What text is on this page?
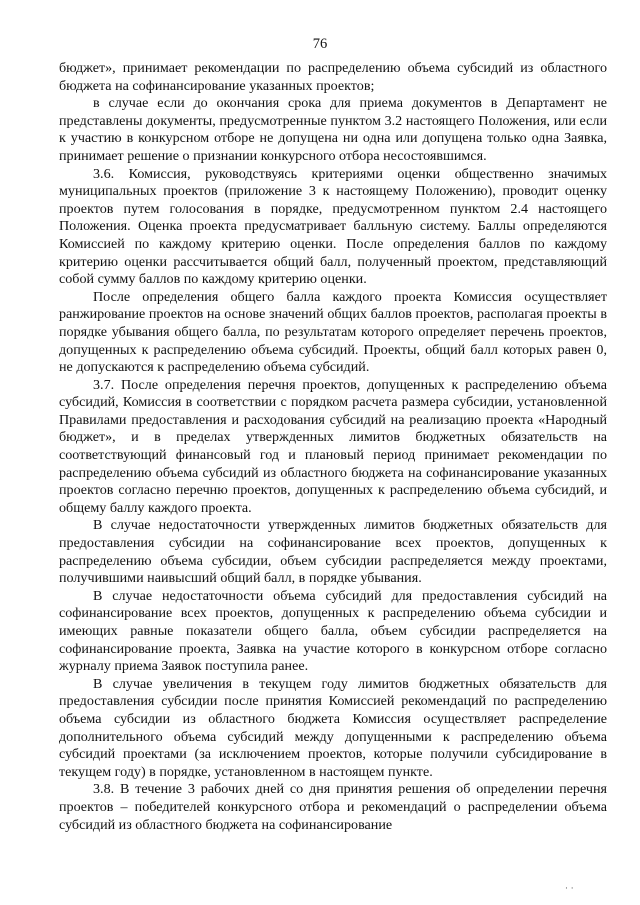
76

бюджет», принимает рекомендации по распределению объема субсидий из областного бюджета на софинансирование указанных проектов;

в случае если до окончания срока для приема документов в Департамент не представлены документы, предусмотренные пунктом 3.2 настоящего Положения, или если к участию в конкурсном отборе не допущена ни одна или допущена только одна Заявка, принимает решение о признании конкурсного отбора несостоявшимся.

3.6. Комиссия, руководствуясь критериями оценки общественно значимых муниципальных проектов (приложение 3 к настоящему Положению), проводит оценку проектов путем голосования в порядке, предусмотренном пунктом 2.4 настоящего Положения. Оценка проекта предусматривает балльную систему. Баллы определяются Комиссией по каждому критерию оценки. После определения баллов по каждому критерию оценки рассчитывается общий балл, полученный проектом, представляющий собой сумму баллов по каждому критерию оценки.

После определения общего балла каждого проекта Комиссия осуществляет ранжирование проектов на основе значений общих баллов проектов, располагая проекты в порядке убывания общего балла, по результатам которого определяет перечень проектов, допущенных к распределению объема субсидий. Проекты, общий балл которых равен 0, не допускаются к распределению объема субсидий.

3.7. После определения перечня проектов, допущенных к распределению объема субсидий, Комиссия в соответствии с порядком расчета размера субсидии, установленной Правилами предоставления и расходования субсидий на реализацию проекта «Народный бюджет», и в пределах утвержденных лимитов бюджетных обязательств на соответствующий финансовый год и плановый период принимает рекомендации по распределению объема субсидий из областного бюджета на софинансирование указанных проектов согласно перечню проектов, допущенных к распределению объема субсидий, и общему баллу каждого проекта.

В случае недостаточности утвержденных лимитов бюджетных обязательств для предоставления субсидии на софинансирование всех проектов, допущенных к распределению объема субсидии, объем субсидии распределяется между проектами, получившими наивысший общий балл, в порядке убывания.

В случае недостаточности объема субсидий для предоставления субсидий на софинансирование всех проектов, допущенных к распределению объема субсидии и имеющих равные показатели общего балла, объем субсидии распределяется на софинансирование проекта, Заявка на участие которого в конкурсном отборе согласно журналу приема Заявок поступила ранее.

В случае увеличения в текущем году лимитов бюджетных обязательств для предоставления субсидии после принятия Комиссией рекомендаций по распределению объема субсидии из областного бюджета Комиссия осуществляет распределение дополнительного объема субсидий между допущенными к распределению объема субсидий проектами (за исключением проектов, которые получили субсидирование в текущем году) в порядке, установленном в настоящем пункте.

3.8. В течение 3 рабочих дней со дня принятия решения об определении перечня проектов – победителей конкурсного отбора и рекомендаций о распределении объема субсидий из областного бюджета на софинансирование

· ·
